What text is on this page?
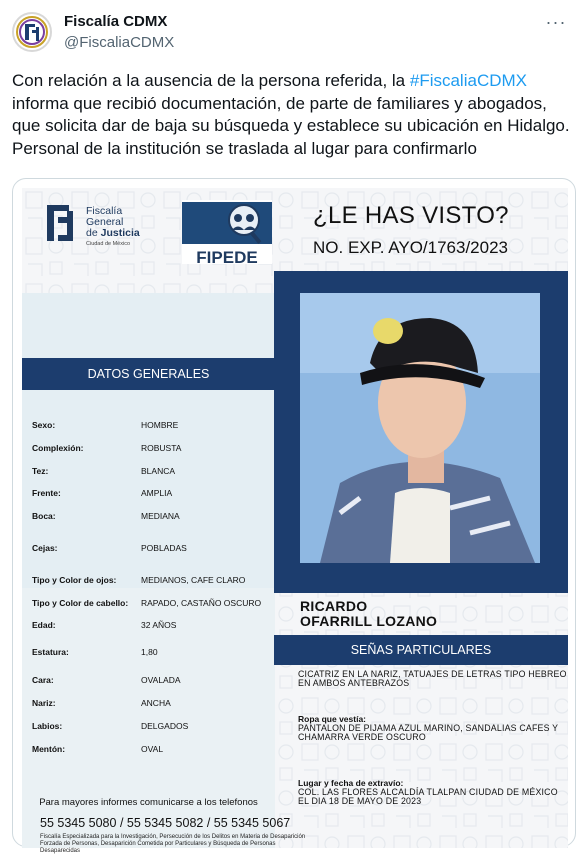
Fiscalía CDMX
@FiscaliaCDMX
···
Con relación a la ausencia de la persona referida, la #FiscaliaCDMX informa que recibió documentación, de parte de familiares y abogados, que solicita dar de baja su búsqueda y establece su ubicación en Hidalgo. Personal de la institución se traslada al lugar para confirmarlo
Fiscalía
General
de Justicia
Ciudad de México
FIPEDE
¿LE HAS VISTO?
NO. EXP. AYO/1763/2023
RICARDO
OFARRILL LOZANO
DATOS GENERALES
Sexo:	HOMBRE
Complexión:	ROBUSTA
Tez:	BLANCA
Frente:	AMPLIA
Boca:	MEDIANA
Cejas:	POBLADAS
Tipo y Color de ojos:	MEDIANOS, CAFE CLARO
Tipo y Color de cabello: RAPADO, CASTAÑO OSCURO
Edad:	32 AÑOS
Estatura:	1,80
Cara:	OVALADA
Nariz:	ANCHA
Labios:	DELGADOS
Mentón:	OVAL
Para mayores informes comunicarse a los telefonos
55 5345 5080 / 55 5345 5082 / 55 5345 5067
Fiscalía Especializada para la Investigación, Persecución de los Delitos en Materia de Desaparición Forzada de Personas, Desaparición Cometida por Particulares y Búsqueda de Personas Desaparecidas
SEÑAS PARTICULARES
CICATRIZ EN LA NARIZ, TATUAJES DE LETRAS TIPO HEBREO EN AMBOS ANTEBRAZOS
Ropa que vestía:
PANTALON DE PIJAMA AZUL MARINO, SANDALIAS CAFES Y CHAMARRA VERDE OSCURO
Lugar y fecha de extravío:
COL. LAS FLORES ALCALDÍA TLALPAN CIUDAD DE MÉXICO EL DIA 18 DE MAYO DE 2023
